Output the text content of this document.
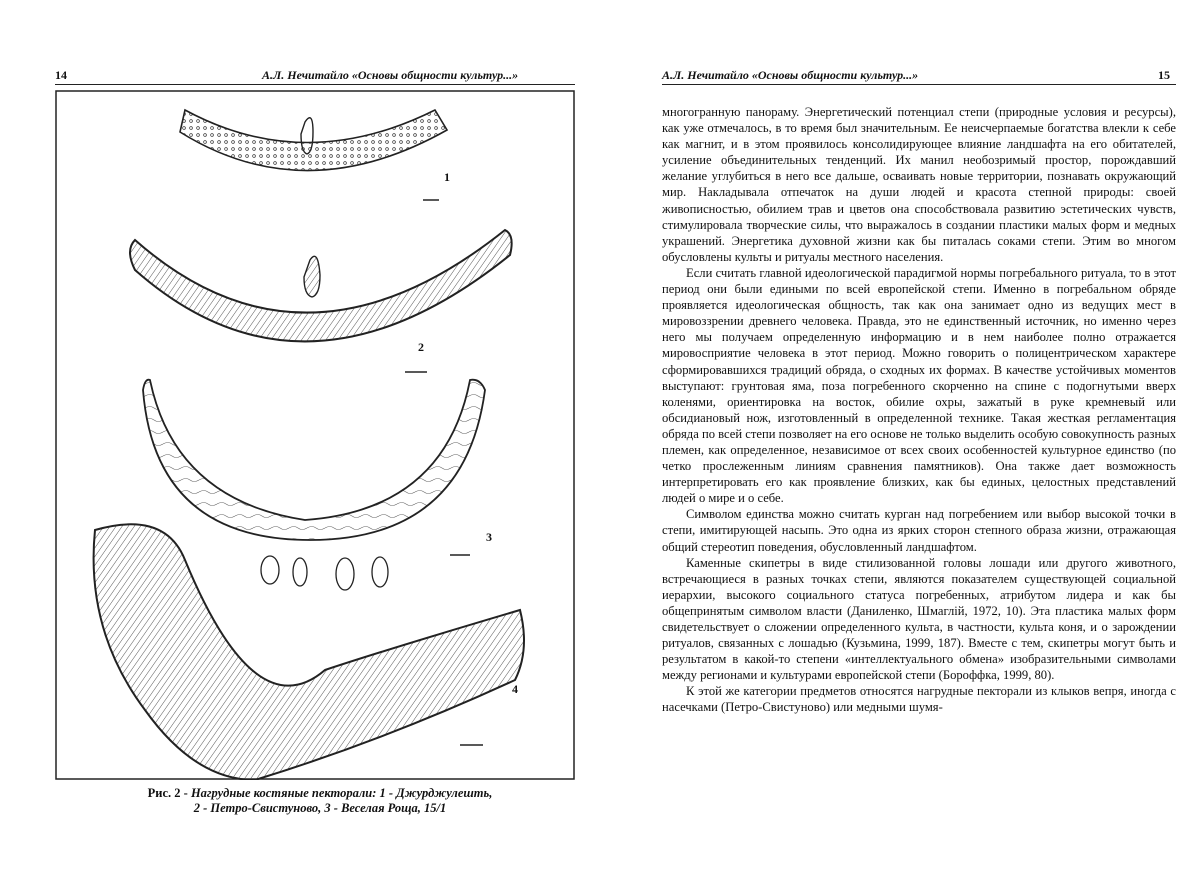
14	А.Л. Нечитайло «Основы общности культур...»
1
2
3
4
Рис. 2 - Нагрудные костяные пекторали: 1 - Джурджулешть,
2 - Петро-Свистуново, 3 - Веселая Роща, 15/1
А.Л. Нечитайло «Основы общности культур...»	15

многогранную панораму. Энергетический потенциал степи (природные условия и ресурсы), как уже отмечалось, в то время был значительным. Ее неисчерпаемые богатства влекли к себе как магнит, и в этом проявилось консолидирующее влияние ландшафта на его обитателей, усиление объединительных тенденций. Их манил необозримый простор, порождавший желание углубиться в него все дальше, осваивать новые территории, познавать окружающий мир. Накладывала отпечаток на души людей и красота степной природы: своей живописностью, обилием трав и цветов она способствовала развитию эстетических чувств, стимулировала творческие силы, что выражалось в создании пластики малых форм и медных украшений. Энергетика духовной жизни как бы питалась соками степи. Этим во многом обусловлены культы и ритуалы местного населения.

Если считать главной идеологической парадигмой нормы погребального ритуала, то в этот период они были едиными по всей европейской степи. Именно в погребальном обряде проявляется идеологическая общность, так как она занимает одно из ведущих мест в мировоззрении древнего человека. Правда, это не единственный источник, но именно через него мы получаем определенную информацию и в нем наиболее полно отражается мировосприятие человека в этот период. Можно говорить о полицентрическом характере сформировавшихся традиций обряда, о сходных их формах. В качестве устойчивых моментов выступают: грунтовая яма, поза погребенного скорченно на спине с подогнутыми вверх коленями, ориентировка на восток, обилие охры, зажатый в руке кремневый или обсидиановый нож, изготовленный в определенной технике. Такая жесткая регламентация обряда по всей степи позволяет на его основе не только выделить особую совокупность разных племен, как определенное, независимое от всех своих особенностей культурное единство (по четко прослеженным линиям сравнения памятников). Она также дает возможность интерпретировать его как проявление близких, как бы единых, целостных представлений людей о мире и о себе.

Символом единства можно считать курган над погребением или выбор высокой точки в степи, имитирующей насыпь. Это одна из ярких сторон степного образа жизни, отражающая общий стереотип поведения, обусловленный ландшафтом.

Каменные скипетры в виде стилизованной головы лошади или другого животного, встречающиеся в разных точках степи, являются показателем существующей социальной иерархии, высокого социального статуса погребенных, атрибутом лидера и как бы общепринятым символом власти (Даниленко, Шмаглій, 1972, 10). Эта пластика малых форм свидетельствует о сложении определенного культа, в частности, культа коня, и о зарождении ритуалов, связанных с лошадью (Кузьмина, 1999, 187). Вместе с тем, скипетры могут быть и результатом в какой-то степени «интеллектуального обмена» изобразительными символами между регионами и культурами европейской степи (Бороффка, 1999, 80).

К этой же категории предметов относятся нагрудные пекторали из клыков вепря, иногда с насечками (Петро-Свистуново) или медными шумя-
